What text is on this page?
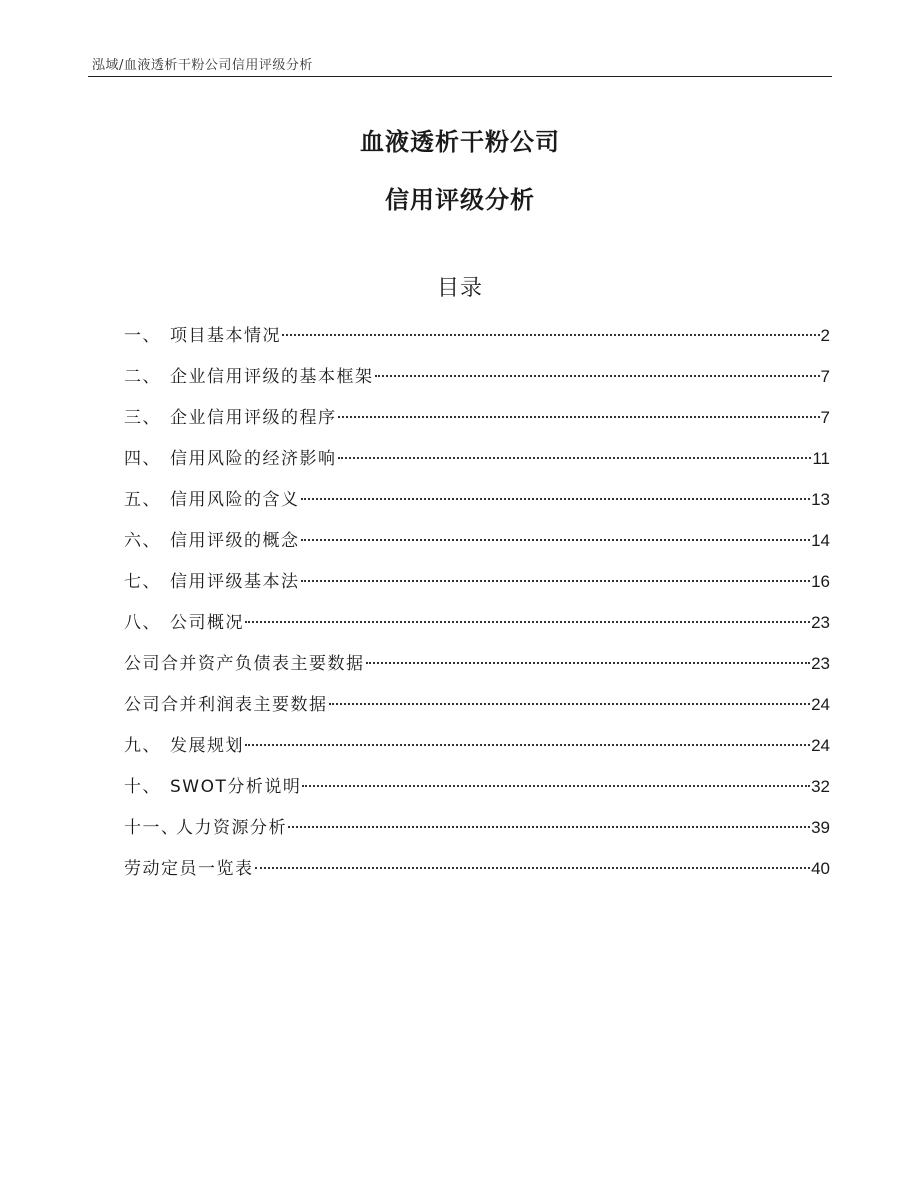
泓域/血液透析干粉公司信用评级分析
血液透析干粉公司
信用评级分析
目录
一、 项目基本情况	2
二、 企业信用评级的基本框架	7
三、 企业信用评级的程序	7
四、 信用风险的经济影响	11
五、 信用风险的含义	13
六、 信用评级的概念	14
七、 信用评级基本法	16
八、 公司概况	23
公司合并资产负债表主要数据	23
公司合并利润表主要数据	24
九、 发展规划	24
十、 SWOT分析说明	32
十一、人力资源分析	39
劳动定员一览表	40
